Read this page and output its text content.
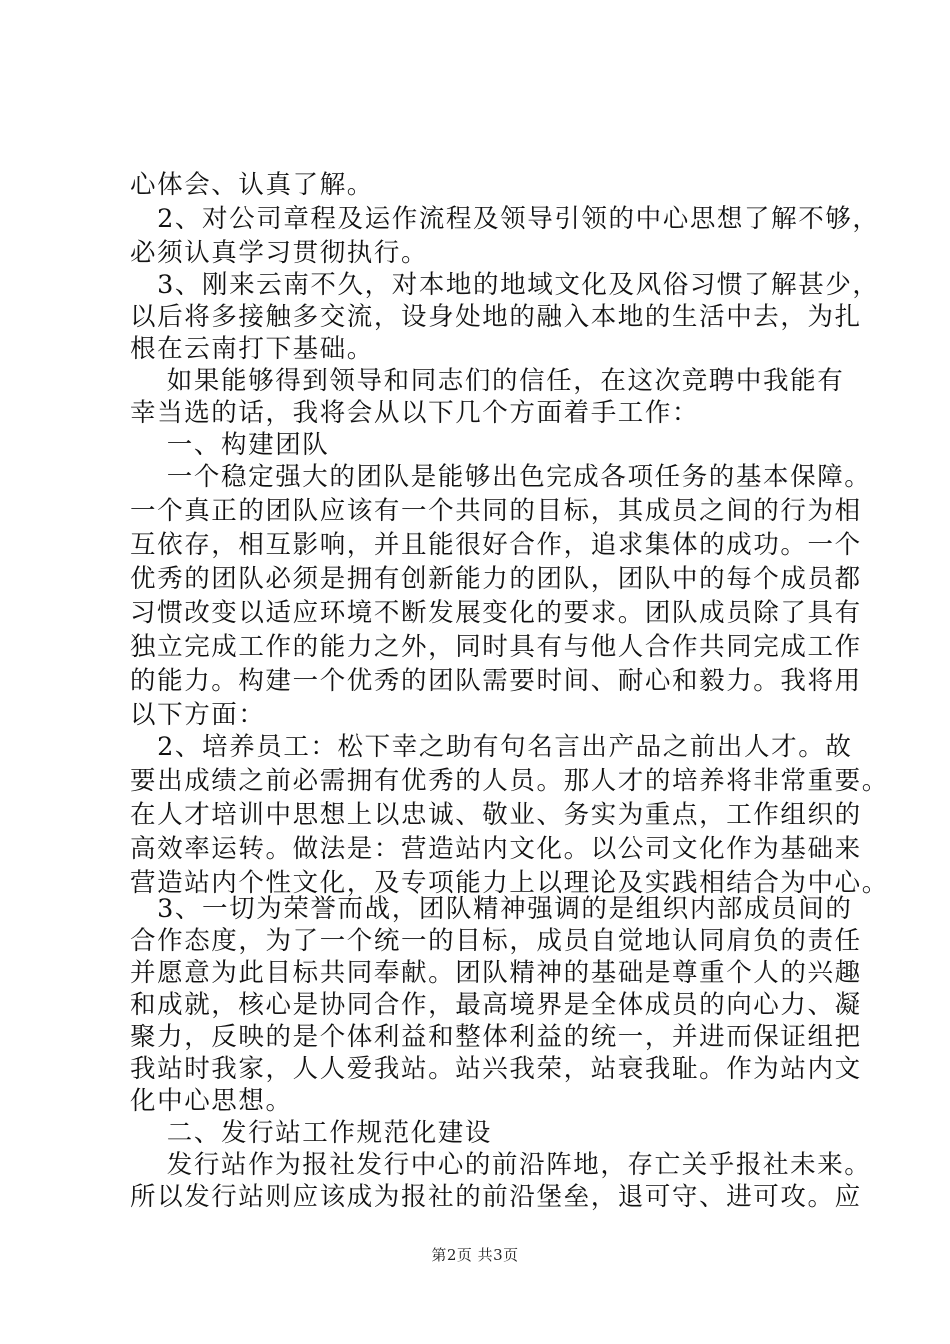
心体会、认真了解。
　2、对公司章程及运作流程及领导引领的中心思想了解不够，
必须认真学习贯彻执行。
　3、刚来云南不久，对本地的地域文化及风俗习惯了解甚少，
以后将多接触多交流，设身处地的融入本地的生活中去，为扎
根在云南打下基础。
　 如果能够得到领导和同志们的信任，在这次竞聘中我能有
幸当选的话，我将会从以下几个方面着手工作：
　 一、构建团队
　 一个稳定强大的团队是能够出色完成各项任务的基本保障。
一个真正的团队应该有一个共同的目标，其成员之间的行为相
互依存，相互影响，并且能很好合作，追求集体的成功。一个
优秀的团队必须是拥有创新能力的团队，团队中的每个成员都
习惯改变以适应环境不断发展变化的要求。团队成员除了具有
独立完成工作的能力之外，同时具有与他人合作共同完成工作
的能力。构建一个优秀的团队需要时间、耐心和毅力。我将用
以下方面：
　2、培养员工：松下幸之助有句名言出产品之前出人才。故
要出成绩之前必需拥有优秀的人员。那人才的培养将非常重要。
在人才培训中思想上以忠诚、敬业、务实为重点，工作组织的
高效率运转。做法是：营造站内文化。以公司文化作为基础来
营造站内个性文化，及专项能力上以理论及实践相结合为中心。
　3、一切为荣誉而战，团队精神强调的是组织内部成员间的
合作态度，为了一个统一的目标，成员自觉地认同肩负的责任
并愿意为此目标共同奉献。团队精神的基础是尊重个人的兴趣
和成就，核心是协同合作，最高境界是全体成员的向心力、凝
聚力，反映的是个体利益和整体利益的统一，并进而保证组把
我站时我家，人人爱我站。站兴我荣，站衰我耻。作为站内文
化中心思想。
　 二、发行站工作规范化建设
　 发行站作为报社发行中心的前沿阵地，存亡关乎报社未来。
所以发行站则应该成为报社的前沿堡垒，退可守、进可攻。应
第2页 共3页
